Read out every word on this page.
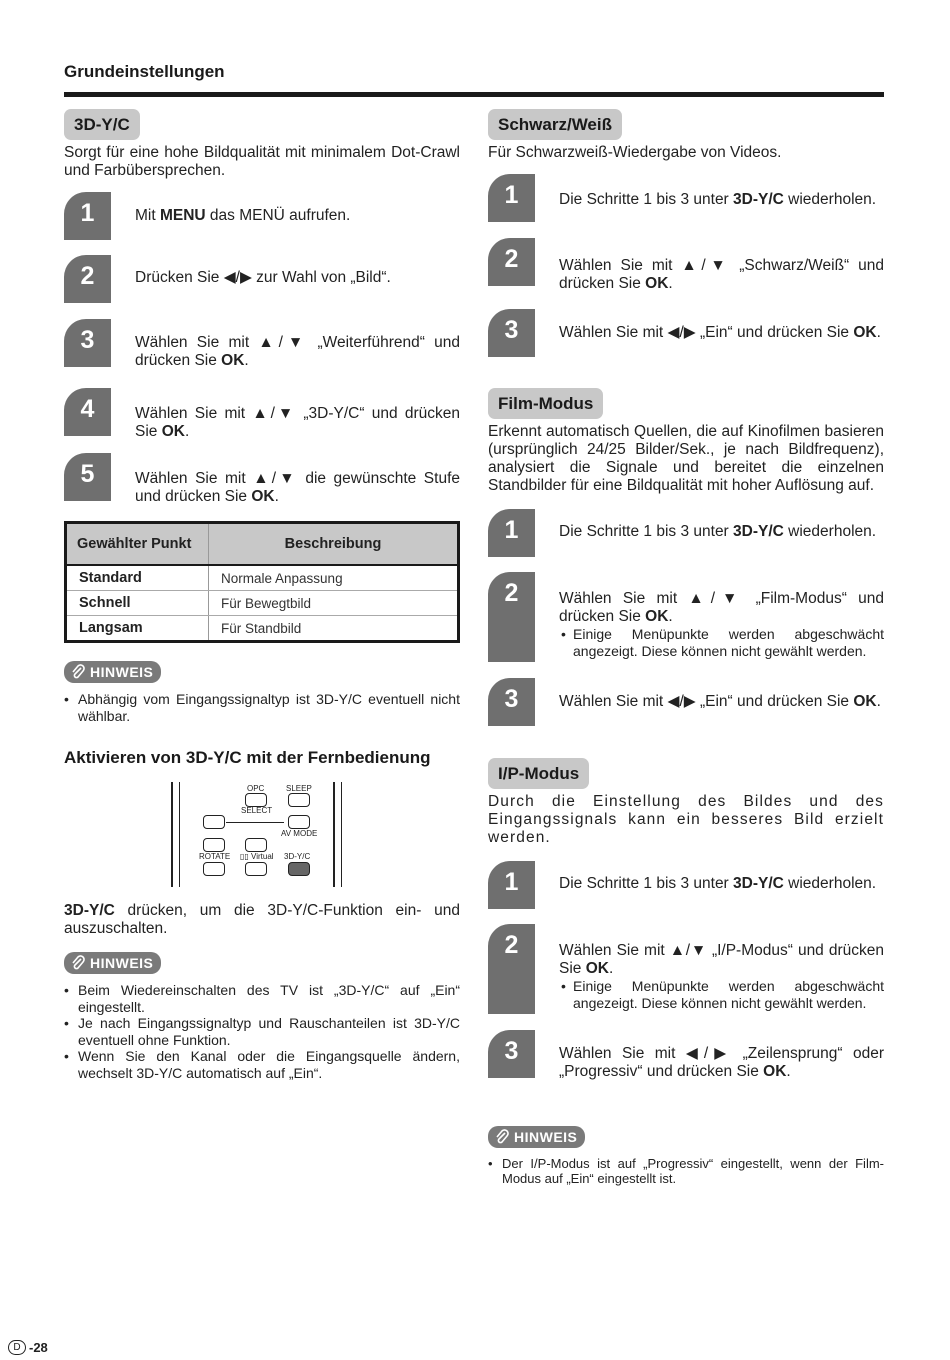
Grundeinstellungen
3D-Y/C

Sorgt für eine hohe Bildqualität mit minimalem Dot-Crawl und Farbübersprechen.

1	Mit MENU das MENÜ aufrufen.
2	Drücken Sie ◀/▶ zur Wahl von „Bild“.
3	Wählen Sie mit ▲/▼ „Weiterführend“ und drücken Sie OK.
4	Wählen Sie mit ▲/▼ „3D-Y/C“ und drücken Sie OK.
5	Wählen Sie mit ▲/▼ die gewünschte Stufe und drücken Sie OK.
Gewählter Punkt	Beschreibung
Standard	Normale Anpassung
Schnell	Für Bewegtbild
Langsam	Für Standbild
HINWEIS
• Abhängig vom Eingangssignaltyp ist 3D-Y/C eventuell nicht wählbar.
Aktivieren von 3D-Y/C mit der Fernbedienung
OPC	SLEEP
SELECT
AV MODE
ROTATE ▯▯ Virtual 3D-Y/C

3D-Y/C drücken, um die 3D-Y/C-Funktion ein- und auszuschalten.

HINWEIS
• Beim Wiedereinschalten des TV ist „3D-Y/C“ auf „Ein“ eingestellt.
• Je nach Eingangssignaltyp und Rauschanteilen ist 3D-Y/C eventuell ohne Funktion.
• Wenn Sie den Kanal oder die Eingangsquelle ändern, wechselt 3D-Y/C automatisch auf „Ein“.
Schwarz/Weiß

Für Schwarzweiß-Wiedergabe von Videos.

1	Die Schritte 1 bis 3 unter 3D-Y/C wiederholen.
2	Wählen Sie mit ▲/▼ „Schwarz/Weiß“ und drücken Sie OK.
3	Wählen Sie mit ◀/▶ „Ein“ und drücken Sie OK.
Film-Modus

Erkennt automatisch Quellen, die auf Kinofilmen basieren (ursprünglich 24/25 Bilder/Sek., je nach Bildfrequenz), analysiert die Signale und bereitet die einzelnen Standbilder für eine Bildqualität mit hoher Auflösung auf.

1	Die Schritte 1 bis 3 unter 3D-Y/C wiederholen.
2	Wählen Sie mit ▲/▼ „Film-Modus“ und drücken Sie OK.
• Einige Menüpunkte werden abgeschwächt angezeigt. Diese können nicht gewählt werden.
3	Wählen Sie mit ◀/▶ „Ein“ und drücken Sie OK.
I/P-Modus

Durch die Einstellung des Bildes und des Eingangssignals kann ein besseres Bild erzielt werden.

1	Die Schritte 1 bis 3 unter 3D-Y/C wiederholen.
2	Wählen Sie mit ▲/▼ „I/P-Modus“ und drücken Sie OK.
• Einige Menüpunkte werden abgeschwächt angezeigt. Diese können nicht gewählt werden.
3	Wählen Sie mit ◀/▶ „Zeilensprung“ oder „Progressiv“ und drücken Sie OK.
HINWEIS
• Der I/P-Modus ist auf „Progressiv“ eingestellt, wenn der Film-Modus auf „Ein“ eingestellt ist.
D -28
